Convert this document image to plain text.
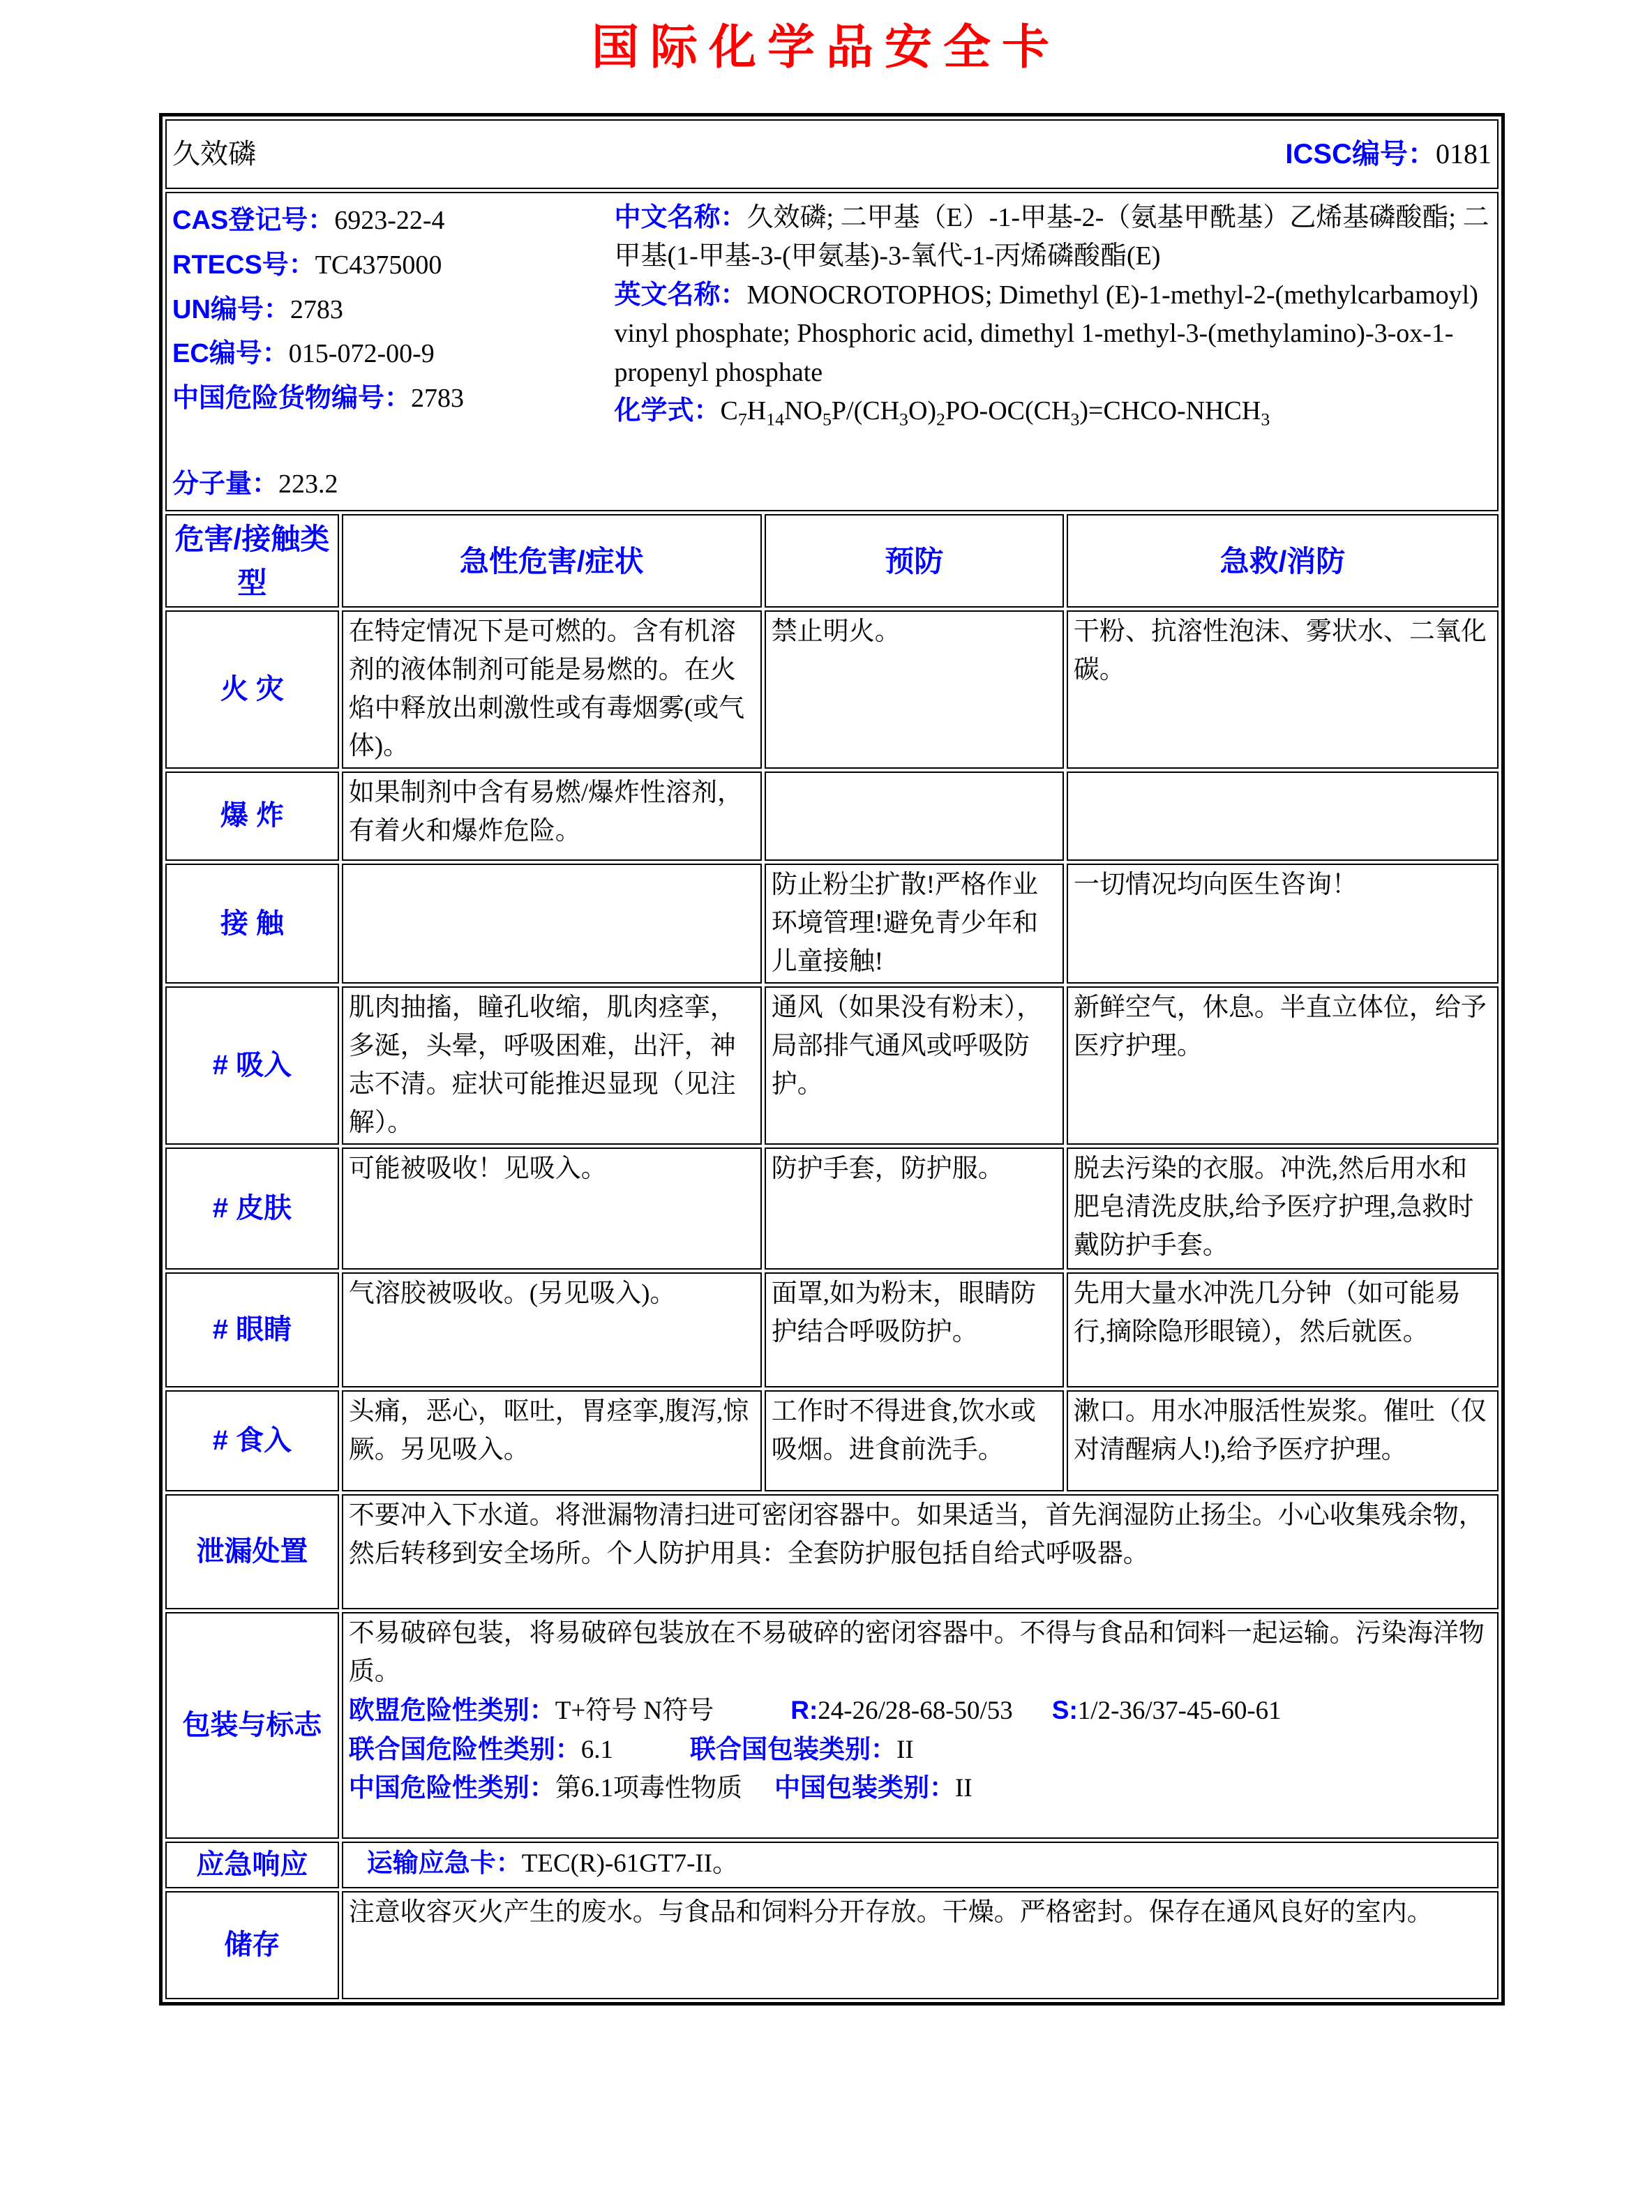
国际化学品安全卡
久效磷 ICSC编号：0181			

CAS登记号：6923-22-4
RTECS号：TC4375000
UN编号：2783
EC编号：015-072-00-9
中国危险货物编号：2783
分子量：223.2
中文名称：久效磷; 二甲基（E）-1-甲基-2-（氨基甲酰基）乙烯基磷酸酯; 二甲基(1-甲基-3-(甲氨基)-3-氧代-1-丙烯磷酸酯(E)
英文名称：MONOCROTOPHOS; Dimethyl (E)-1-methyl-2-(methylcarbamoyl) vinyl phosphate; Phosphoric acid, dimethyl 1-methyl-3-(methylamino)-3-ox-1-propenyl phosphate
化学式：$C_7H_{14}NO_5P/(CH_3O)_2PO-OC(CH_3)=CHCO-NHCH_3$

危害/接触类型	急性危害/症状	预防	急救/消防
火 灾	在特定情况下是可燃的。含有机溶剂的液体制剂可能是易燃的。在火焰中释放出刺激性或有毒烟雾(或气体)。	禁止明火。	干粉、抗溶性泡沫、雾状水、二氧化碳。
爆 炸	如果制剂中含有易燃/爆炸性溶剂，有着火和爆炸危险。		
接 触		防止粉尘扩散!严格作业环境管理!避免青少年和儿童接触!	一切情况均向医生咨询！
# 吸入	肌肉抽搐，瞳孔收缩，肌肉痉挛，多涎，头晕，呼吸困难，出汗，神志不清。症状可能推迟显现（见注解）。	通风（如果没有粉末），局部排气通风或呼吸防护。	新鲜空气，休息。半直立体位，给予医疗护理。
# 皮肤	可能被吸收！见吸入。	防护手套，防护服。	脱去污染的衣服。冲洗,然后用水和肥皂清洗皮肤,给予医疗护理,急救时戴防护手套。
# 眼睛	气溶胶被吸收。(另见吸入)。	面罩,如为粉末，眼睛防护结合呼吸防护。	先用大量水冲洗几分钟（如可能易行,摘除隐形眼镜），然后就医。
# 食入	头痛，恶心，呕吐，胃痉挛,腹泻,惊厥。另见吸入。	工作时不得进食,饮水或吸烟。进食前洗手。	漱口。用水冲服活性炭浆。催吐（仅对清醒病人!),给予医疗护理。
泄漏处置	不要冲入下水道。将泄漏物清扫进可密闭容器中。如果适当，首先润湿防止扬尘。小心收集残余物，然后转移到安全场所。个人防护用具：全套防护服包括自给式呼吸器。		
包装与标志	不易破碎包装，将易破碎包装放在不易破碎的密闭容器中。不得与食品和饲料一起运输。污染海洋物质。
欧盟危险性类别：T+符号 N符号 R:24-26/28-68-50/53 S:1/2-36/37-45-60-61
联合国危险性类别：6.1 联合国包装类别：II
中国危险性类别：第6.1项毒性物质 中国包装类别：II		

应急响应	运输应急卡：TEC(R)-61GT7-II。		
储存	注意收容灭火产生的废水。与食品和饲料分开存放。干燥。严格密封。保存在通风良好的室内。		
